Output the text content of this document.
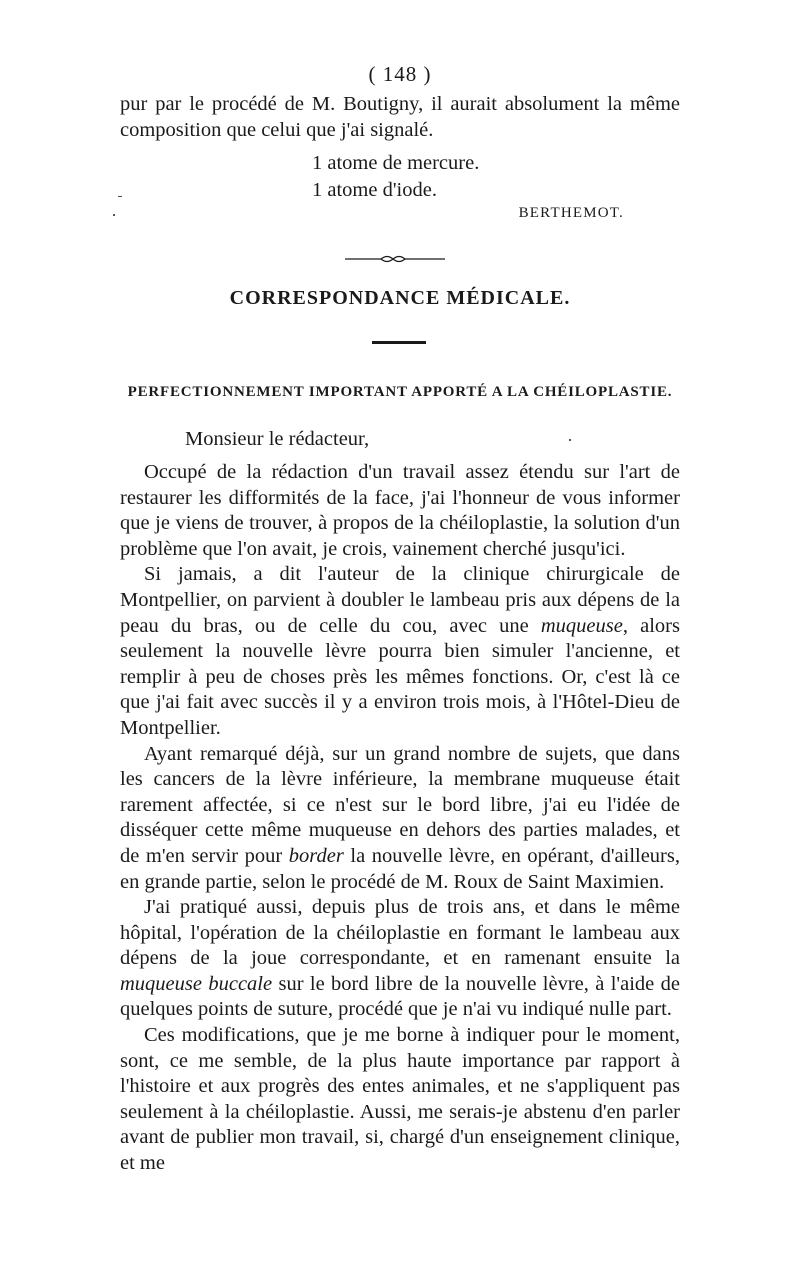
( 148 )

pur par le procédé de M. Boutigny, il aurait absolument la même composition que celui que j'ai signalé.

1 atome de mercure.
1 atome d'iode.
BERTHEMOT.
CORRESPONDANCE MÉDICALE.
PERFECTIONNEMENT IMPORTANT APPORTÉ A LA CHÉILOPLASTIE.
Monsieur le rédacteur,

Occupé de la rédaction d'un travail assez étendu sur l'art de restaurer les difformités de la face, j'ai l'honneur de vous informer que je viens de trouver, à propos de la chéiloplastie, la solution d'un problème que l'on avait, je crois, vainement cherché jusqu'ici.

Si jamais, a dit l'auteur de la clinique chirurgicale de Montpellier, on parvient à doubler le lambeau pris aux dépens de la peau du bras, ou de celle du cou, avec une muqueuse, alors seulement la nouvelle lèvre pourra bien simuler l'ancienne, et remplir à peu de choses près les mêmes fonctions. Or, c'est là ce que j'ai fait avec succès il y a environ trois mois, à l'Hôtel-Dieu de Montpellier.

Ayant remarqué déjà, sur un grand nombre de sujets, que dans les cancers de la lèvre inférieure, la membrane muqueuse était rarement affectée, si ce n'est sur le bord libre, j'ai eu l'idée de disséquer cette même muqueuse en dehors des parties malades, et de m'en servir pour border la nouvelle lèvre, en opérant, d'ailleurs, en grande partie, selon le procédé de M. Roux de Saint Maximien.

J'ai pratiqué aussi, depuis plus de trois ans, et dans le même hôpital, l'opération de la chéiloplastie en formant le lambeau aux dépens de la joue correspondante, et en ramenant ensuite la muqueuse buccale sur le bord libre de la nouvelle lèvre, à l'aide de quelques points de suture, procédé que je n'ai vu indiqué nulle part.

Ces modifications, que je me borne à indiquer pour le moment, sont, ce me semble, de la plus haute importance par rapport à l'histoire et aux progrès des entes animales, et ne s'appliquent pas seulement à la chéiloplastie. Aussi, me serais-je abstenu d'en parler avant de publier mon travail, si, chargé d'un enseignement clinique, et me
